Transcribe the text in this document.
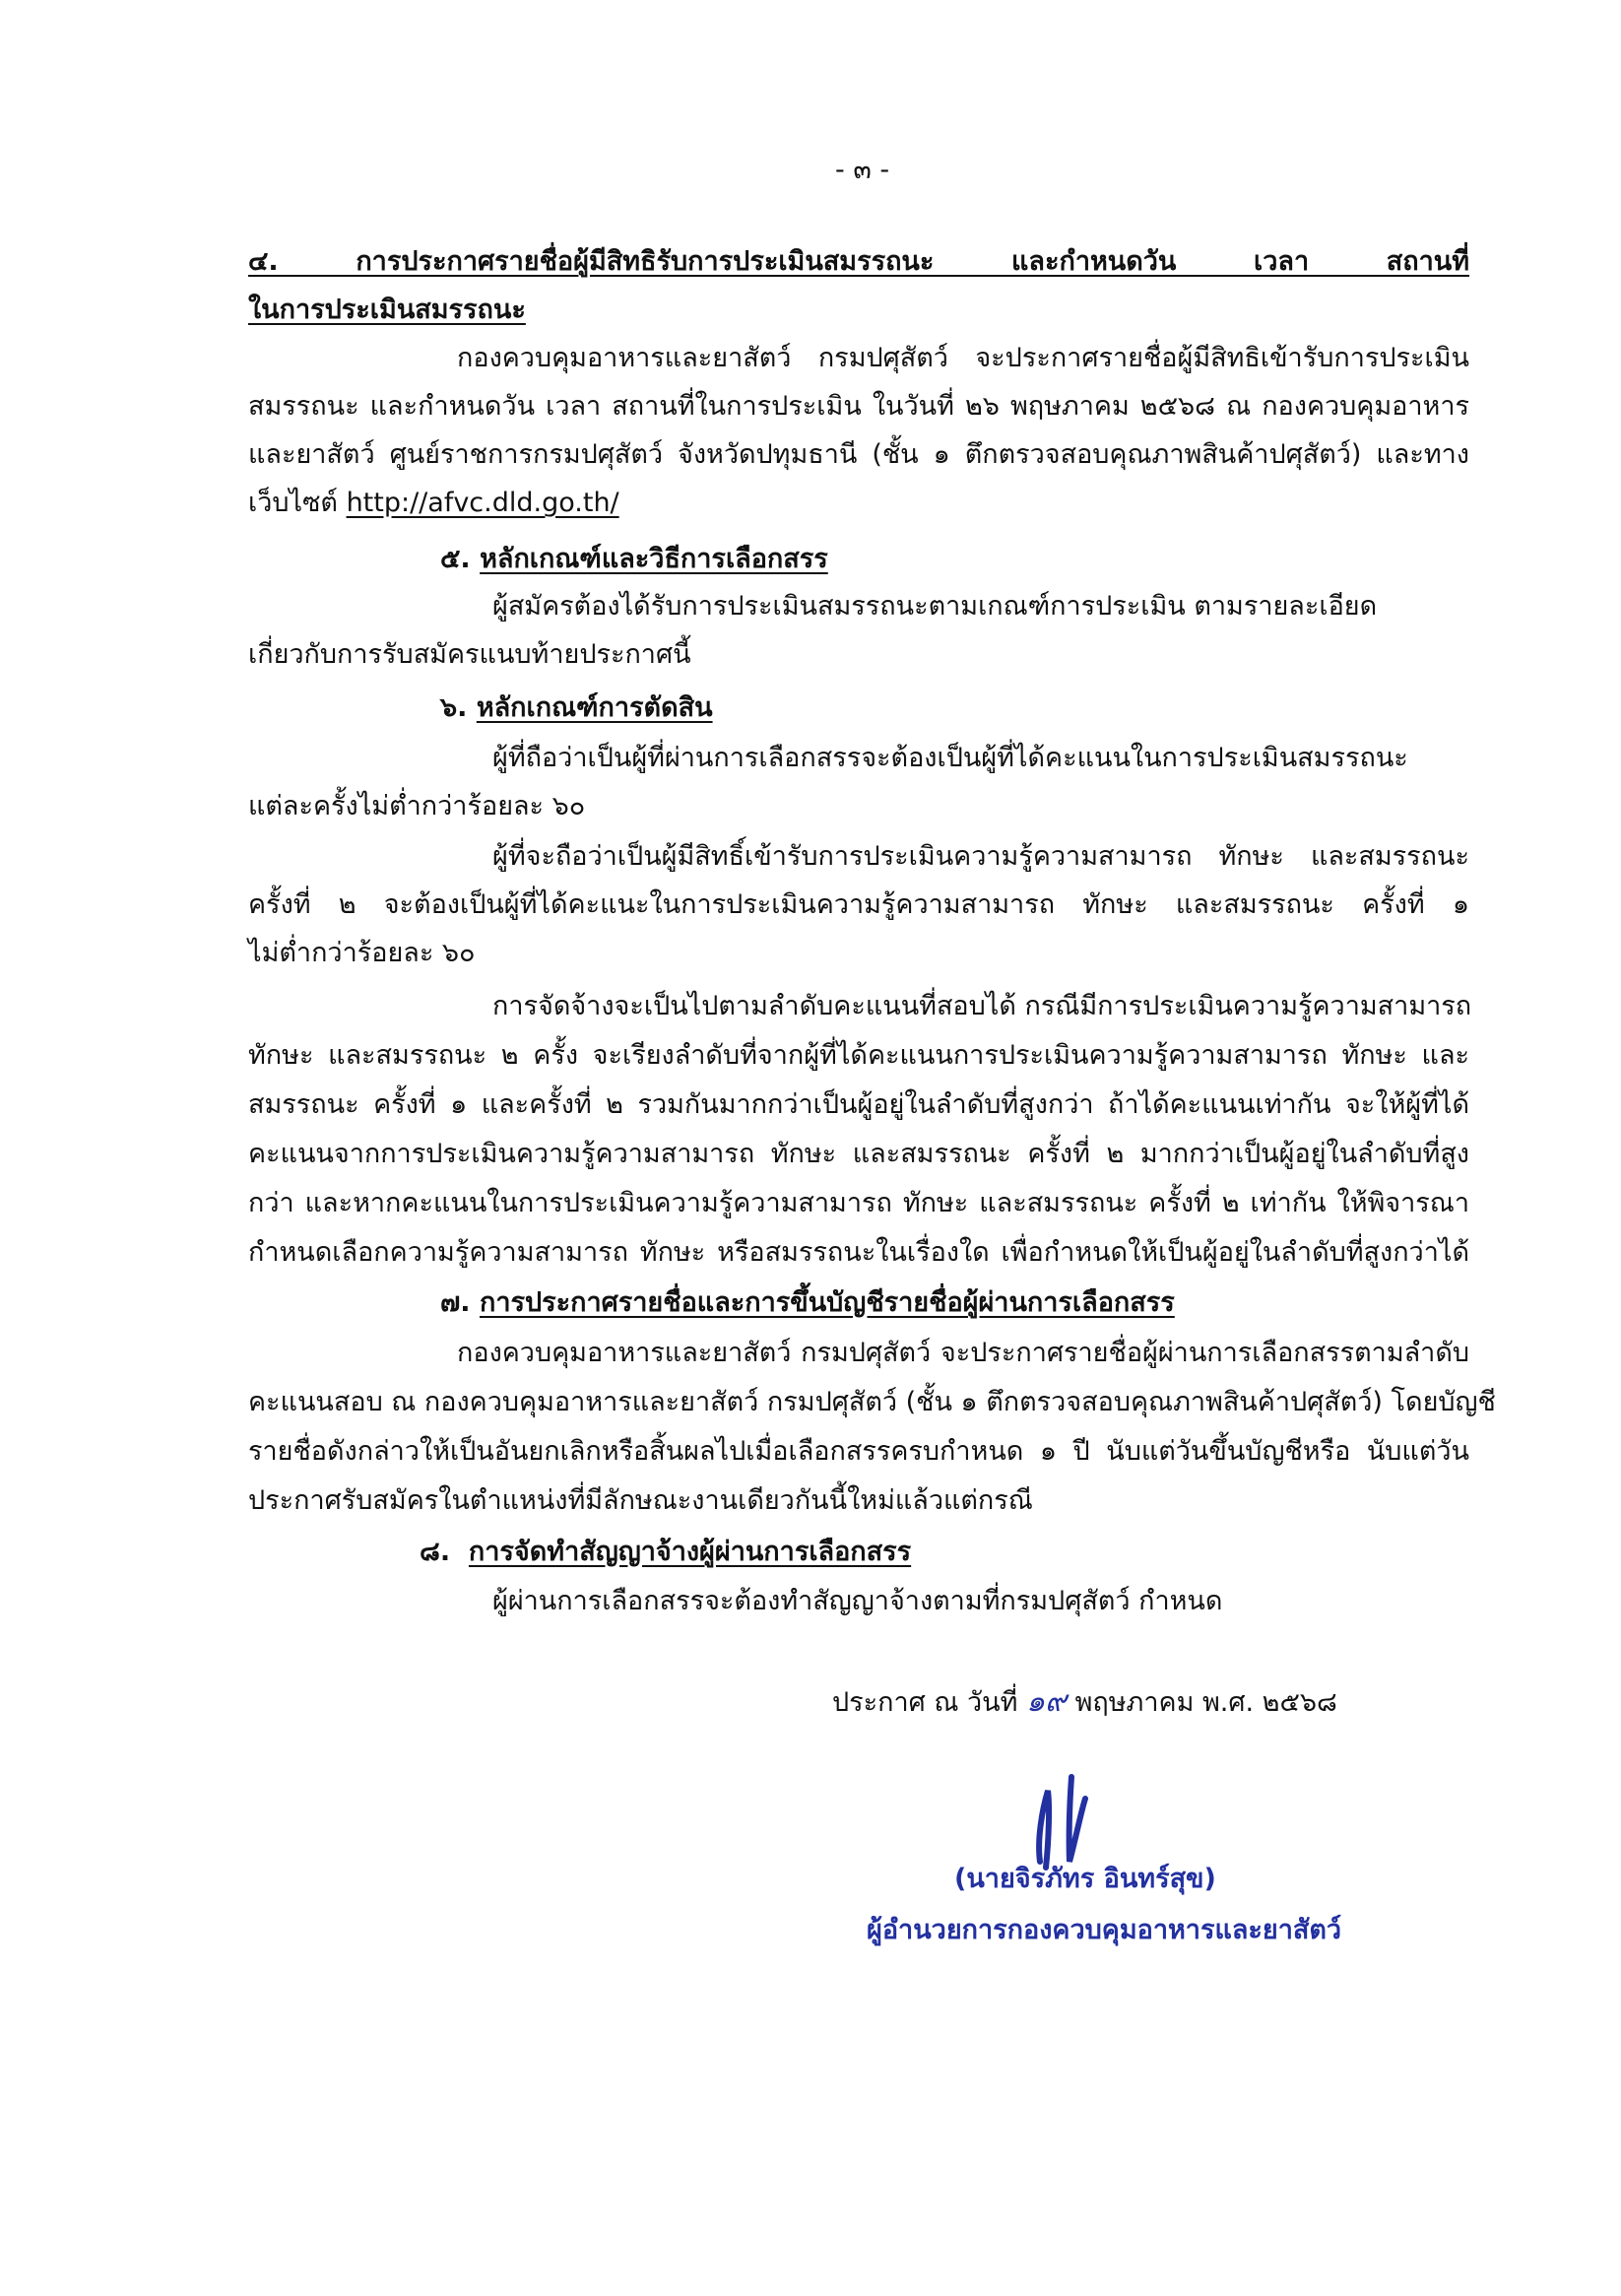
- ๓ -
๔. การประกาศรายชื่อผู้มีสิทธิรับการประเมินสมรรถนะ และกำหนดวัน เวลา สถานที่
ในการประเมินสมรรถนะ
กองควบคุมอาหารและยาสัตว์ กรมปศุสัตว์ จะประกาศรายชื่อผู้มีสิทธิเข้ารับการประเมิน
สมรรถนะ และกำหนดวัน เวลา สถานที่ในการประเมิน ในวันที่ ๒๖ พฤษภาคม ๒๕๖๘ ณ กองควบคุมอาหาร
และยาสัตว์ ศูนย์ราชการกรมปศุสัตว์ จังหวัดปทุมธานี (ชั้น ๑ ตึกตรวจสอบคุณภาพสินค้าปศุสัตว์) และทาง
เว็บไซต์ http://afvc.dld.go.th/
๕. หลักเกณฑ์และวิธีการเลือกสรร
ผู้สมัครต้องได้รับการประเมินสมรรถนะตามเกณฑ์การประเมิน ตามรายละเอียด
เกี่ยวกับการรับสมัครแนบท้ายประกาศนี้
๖. หลักเกณฑ์การตัดสิน
ผู้ที่ถือว่าเป็นผู้ที่ผ่านการเลือกสรรจะต้องเป็นผู้ที่ได้คะแนนในการประเมินสมรรถนะ
แต่ละครั้งไม่ต่ำกว่าร้อยละ ๖๐
ผู้ที่จะถือว่าเป็นผู้มีสิทธิ์เข้ารับการประเมินความรู้ความสามารถ ทักษะ และสมรรถนะ
ครั้งที่ ๒ จะต้องเป็นผู้ที่ได้คะแนะในการประเมินความรู้ความสามารถ ทักษะ และสมรรถนะ ครั้งที่ ๑
ไม่ต่ำกว่าร้อยละ ๖๐
การจัดจ้างจะเป็นไปตามลำดับคะแนนที่สอบได้ กรณีมีการประเมินความรู้ความสามารถ
ทักษะ และสมรรถนะ ๒ ครั้ง จะเรียงลำดับที่จากผู้ที่ได้คะแนนการประเมินความรู้ความสามารถ ทักษะ และ
สมรรถนะ ครั้งที่ ๑ และครั้งที่ ๒ รวมกันมากกว่าเป็นผู้อยู่ในลำดับที่สูงกว่า ถ้าได้คะแนนเท่ากัน จะให้ผู้ที่ได้
คะแนนจากการประเมินความรู้ความสามารถ ทักษะ และสมรรถนะ ครั้งที่ ๒ มากกว่าเป็นผู้อยู่ในลำดับที่สูง
กว่า และหากคะแนนในการประเมินความรู้ความสามารถ ทักษะ และสมรรถนะ ครั้งที่ ๒ เท่ากัน ให้พิจารณา
กำหนดเลือกความรู้ความสามารถ ทักษะ หรือสมรรถนะในเรื่องใด เพื่อกำหนดให้เป็นผู้อยู่ในลำดับที่สูงกว่าได้
๗. การประกาศรายชื่อและการขึ้นบัญชีรายชื่อผู้ผ่านการเลือกสรร
กองควบคุมอาหารและยาสัตว์ กรมปศุสัตว์ จะประกาศรายชื่อผู้ผ่านการเลือกสรรตามลำดับ
คะแนนสอบ ณ กองควบคุมอาหารและยาสัตว์ กรมปศุสัตว์ (ชั้น ๑ ตึกตรวจสอบคุณภาพสินค้าปศุสัตว์) โดยบัญชี
รายชื่อดังกล่าวให้เป็นอันยกเลิกหรือสิ้นผลไปเมื่อเลือกสรรครบกำหนด ๑ ปี นับแต่วันขึ้นบัญชีหรือ นับแต่วัน
ประกาศรับสมัครในตำแหน่งที่มีลักษณะงานเดียวกันนี้ใหม่แล้วแต่กรณี
๘. การจัดทำสัญญาจ้างผู้ผ่านการเลือกสรร
ผู้ผ่านการเลือกสรรจะต้องทำสัญญาจ้างตามที่กรมปศุสัตว์ กำหนด
ประกาศ ณ วันที่ ๑๙ พฤษภาคม พ.ศ. ๒๕๖๘
(นายจิรภัทร อินทร์สุข)
ผู้อำนวยการกองควบคุมอาหารและยาสัตว์
